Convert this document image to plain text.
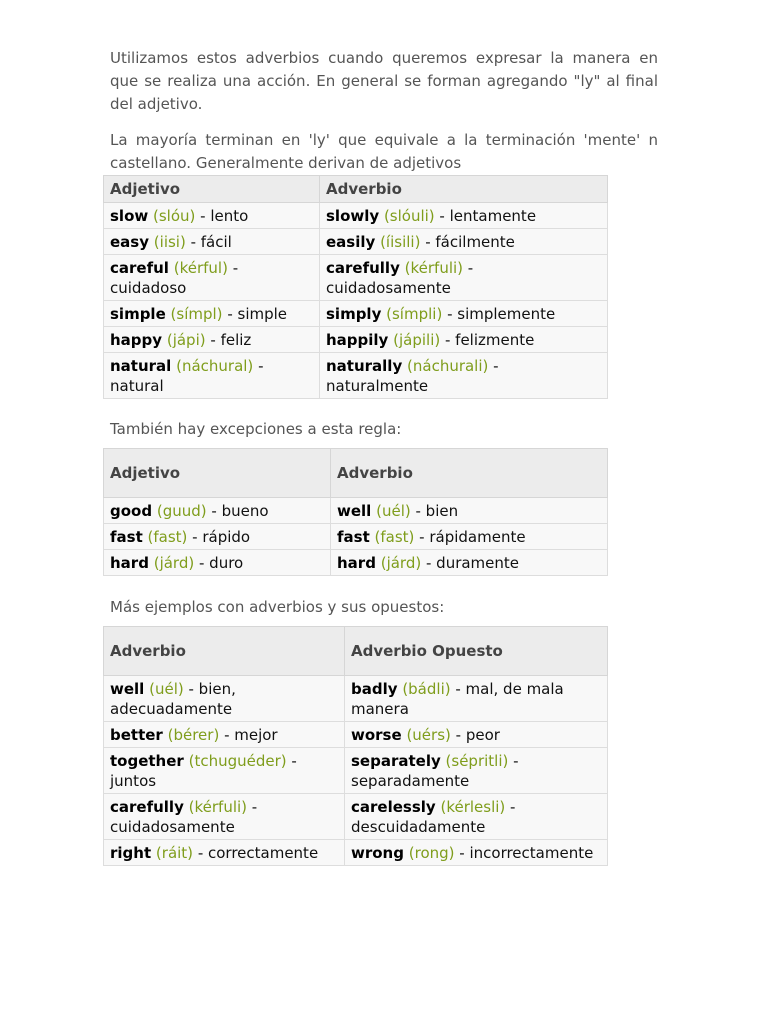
Utilizamos estos adverbios cuando queremos expresar la manera en que se realiza una acción. En general se forman agregando "ly" al final del adjetivo.

La mayoría terminan en 'ly' que equivale a la terminación 'mente' n castellano. Generalmente derivan de adjetivos

Adjetivo	Adverbio
slow (slóu) - lento	slowly (slóuli) - lentamente
easy (iisi) - fácil	easily (íisili) - fácilmente
careful (kérful) - cuidadoso	carefully (kérfuli) - cuidadosamente
simple (símpl) - simple	simply (símpli) - simplemente
happy (jápi) - feliz	happily (jápili) - felizmente
natural (náchural) - natural	naturally (náchurali) - naturalmente

También hay excepciones a esta regla:

Adjetivo	Adverbio
good (guud) - bueno	well (uél) - bien
fast (fast) - rápido	fast (fast) - rápidamente
hard (járd) - duro	hard (járd) - duramente

Más ejemplos con adverbios y sus opuestos:

Adverbio	Adverbio Opuesto
well (uél) - bien, adecuadamente	badly (bádli) - mal, de mala manera
better (bérer) - mejor	worse (uérs) - peor
together (tchuguéder) - juntos	separately (sépritli) - separadamente
carefully (kérfuli) - cuidadosamente	carelessly (kérlesli) - descuidadamente
right (ráit) - correctamente	wrong (rong) - incorrectamente
